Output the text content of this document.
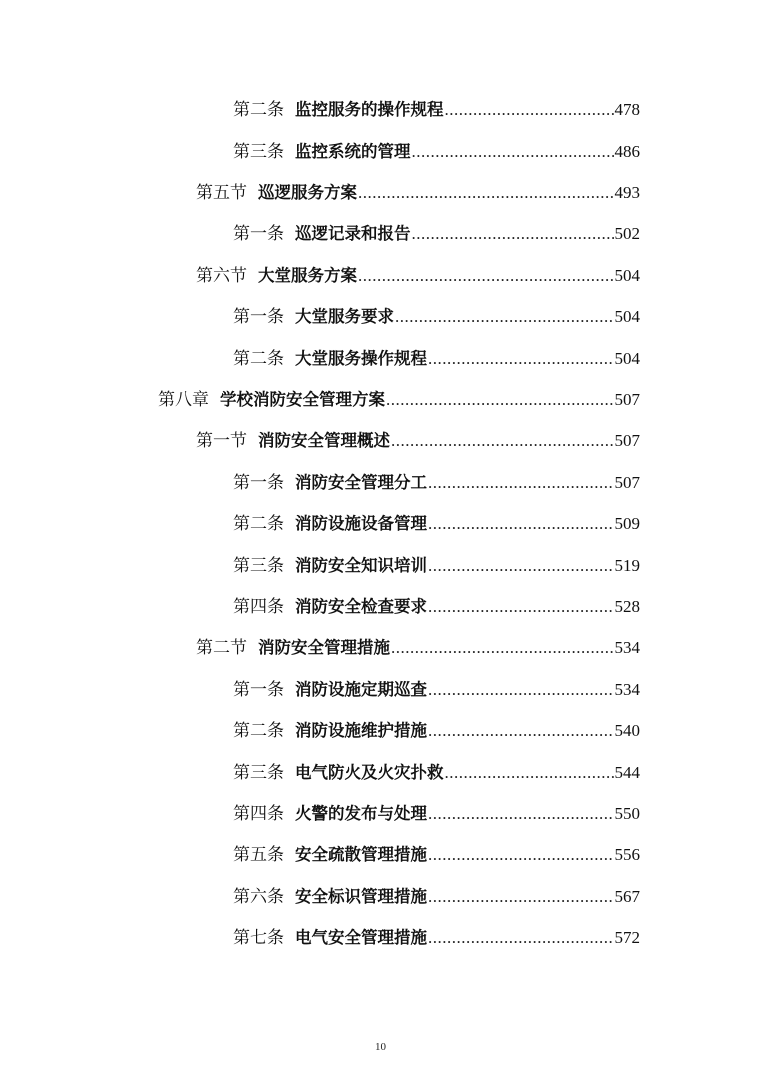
第二条 监控服务的操作规程 .....	478
第三条 监控系统的管理 .....	486
第五节 巡逻服务方案 .....	493
第一条 巡逻记录和报告 .....	502
第六节 大堂服务方案 .....	504
第一条 大堂服务要求 .....	504
第二条 大堂服务操作规程 .....	504
第八章 学校消防安全管理方案 .....	507
第一节 消防安全管理概述 .....	507
第一条 消防安全管理分工 .....	507
第二条 消防设施设备管理 .....	509
第三条 消防安全知识培训 .....	519
第四条 消防安全检查要求 .....	528
第二节 消防安全管理措施 .....	534
第一条 消防设施定期巡查 .....	534
第二条 消防设施维护措施 .....	540
第三条 电气防火及火灾扑救 .....	544
第四条 火警的发布与处理 .....	550
第五条 安全疏散管理措施 .....	556
第六条 安全标识管理措施 .....	567
第七条 电气安全管理措施 .....	572
10
